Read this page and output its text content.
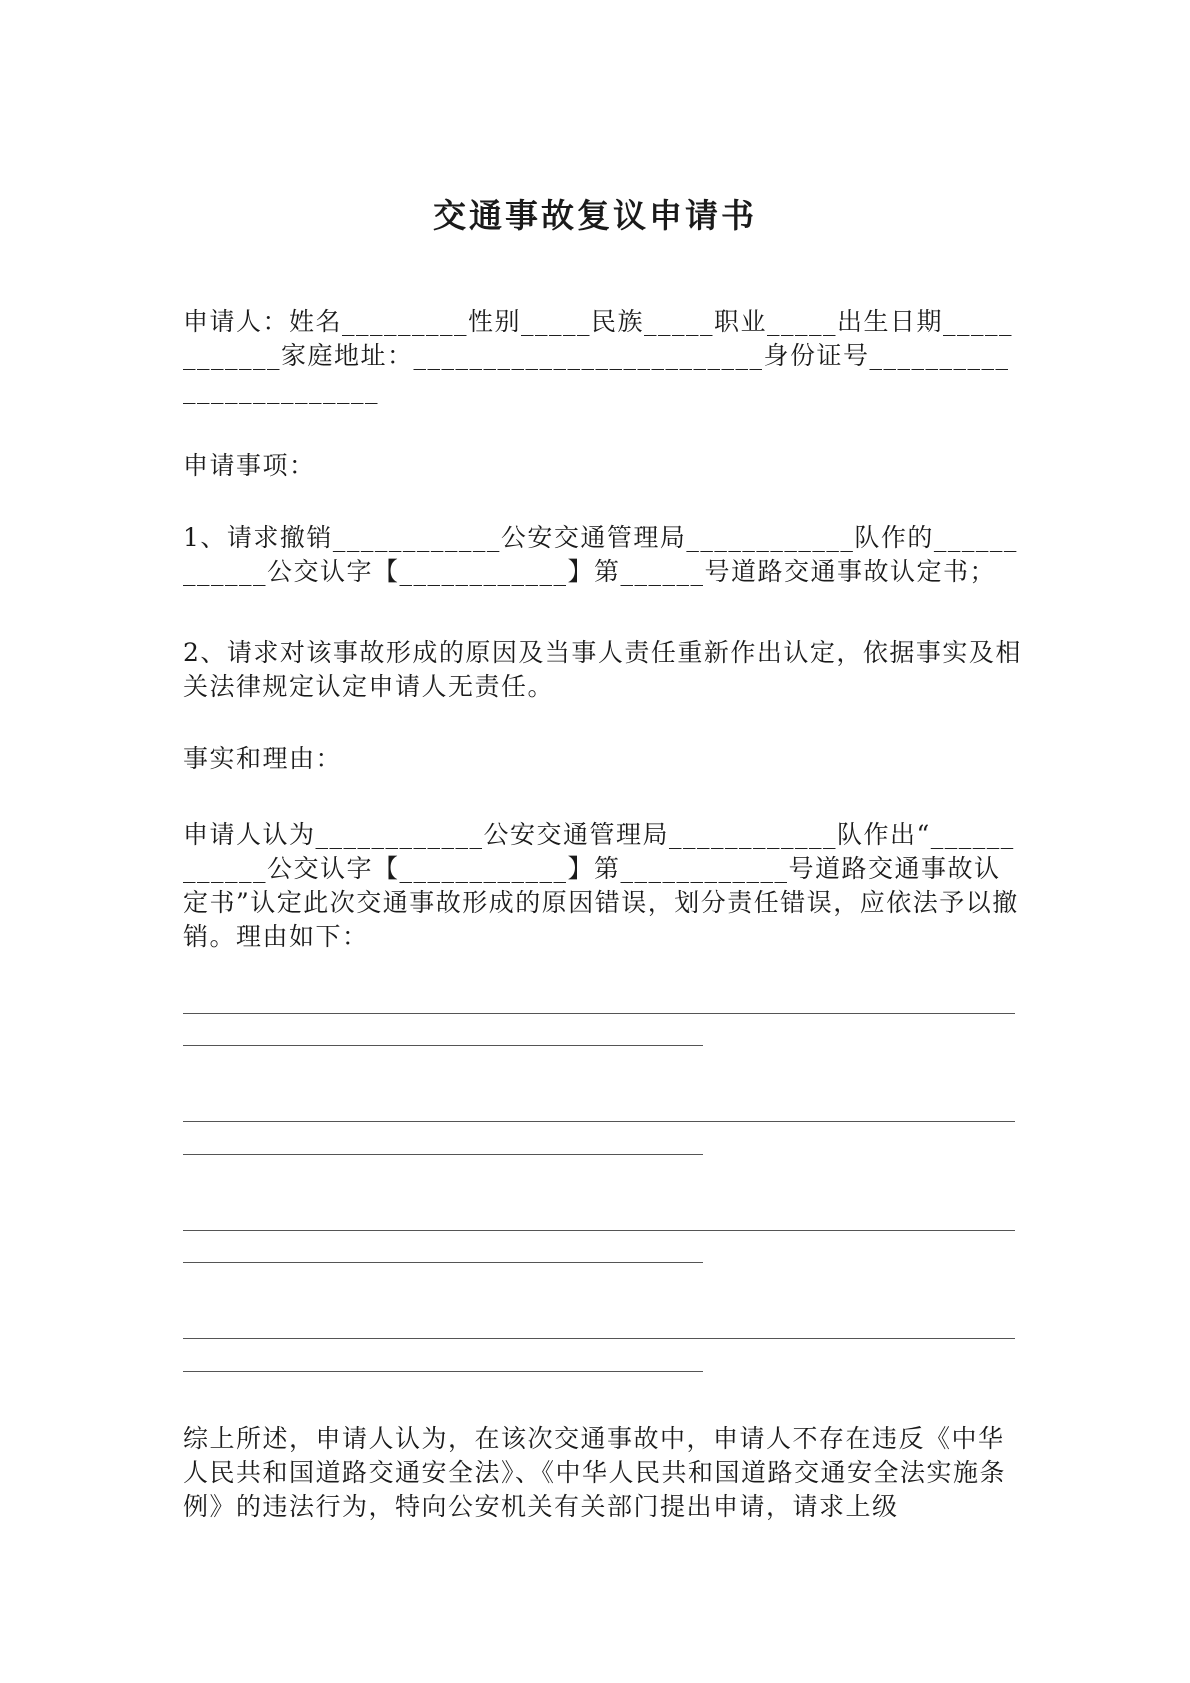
交通事故复议申请书
申请人：姓名_________性别_____民族_____职业_____出生日期____________家庭地址：_________________________身份证号________________________
申请事项：
1、请求撤销____________公安交通管理局____________队作的____________公交认字【____________】第______号道路交通事故认定书；
2、请求对该事故形成的原因及当事人责任重新作出认定，依据事实及相关法律规定认定申请人无责任。
事实和理由：
申请人认为____________公安交通管理局____________队作出“____________公交认字【____________】第____________号道路交通事故认定书”认定此次交通事故形成的原因错误，划分责任错误，应依法予以撤销。理由如下：
综上所述，申请人认为，在该次交通事故中，申请人不存在违反《中华人民共和国道路交通安全法》、《中华人民共和国道路交通安全法实施条例》的违法行为，特向公安机关有关部门提出申请，请求上级
